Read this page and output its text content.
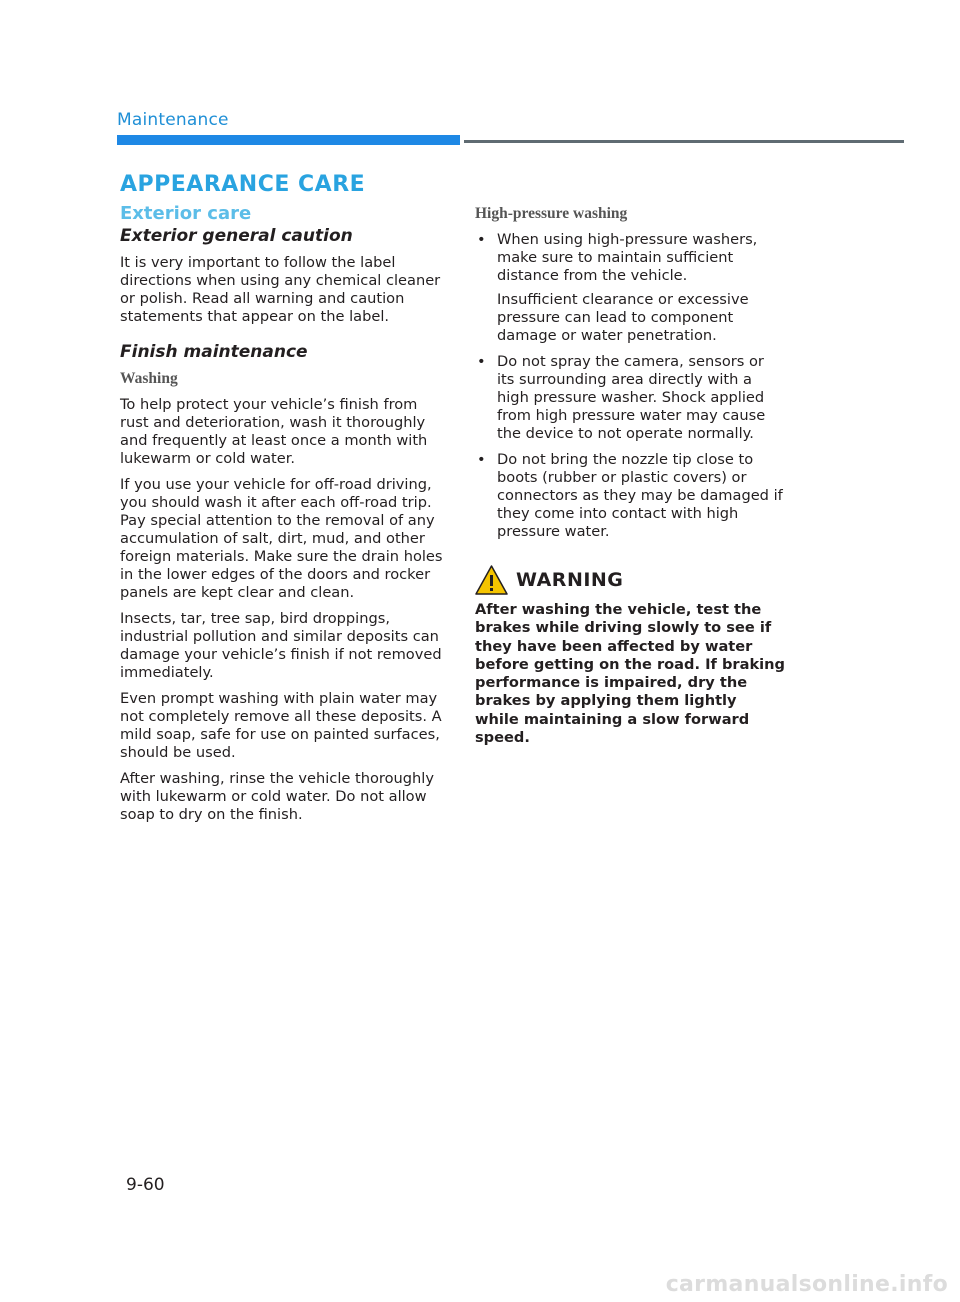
Maintenance
APPEARANCE CARE
Exterior care
Exterior general caution

It is very important to follow the label directions when using any chemical cleaner or polish. Read all warning and caution statements that appear on the label.

Finish maintenance
Washing

To help protect your vehicle’s finish from rust and deterioration, wash it thoroughly and frequently at least once a month with lukewarm or cold water.

If you use your vehicle for off-road driving, you should wash it after each off-road trip. Pay special attention to the removal of any accumulation of salt, dirt, mud, and other foreign materials. Make sure the drain holes in the lower edges of the doors and rocker panels are kept clear and clean.

Insects, tar, tree sap, bird droppings, industrial pollution and similar deposits can damage your vehicle’s finish if not removed immediately.

Even prompt washing with plain water may not completely remove all these deposits. A mild soap, safe for use on painted surfaces, should be used.

After washing, rinse the vehicle thoroughly with lukewarm or cold water. Do not allow soap to dry on the finish.

High-pressure washing
• When using high-pressure washers, make sure to maintain sufficient distance from the vehicle.

Insufficient clearance or excessive pressure can lead to component damage or water penetration.

• Do not spray the camera, sensors or its surrounding area directly with a high pressure washer. Shock applied from high pressure water may cause the device to not operate normally.

• Do not bring the nozzle tip close to boots (rubber or plastic covers) or connectors as they may be damaged if they come into contact with high pressure water.

WARNING

After washing the vehicle, test the brakes while driving slowly to see if they have been affected by water before getting on the road. If braking performance is impaired, dry the brakes by applying them lightly while maintaining a slow forward speed.

9-60
carmanualsonline.info
